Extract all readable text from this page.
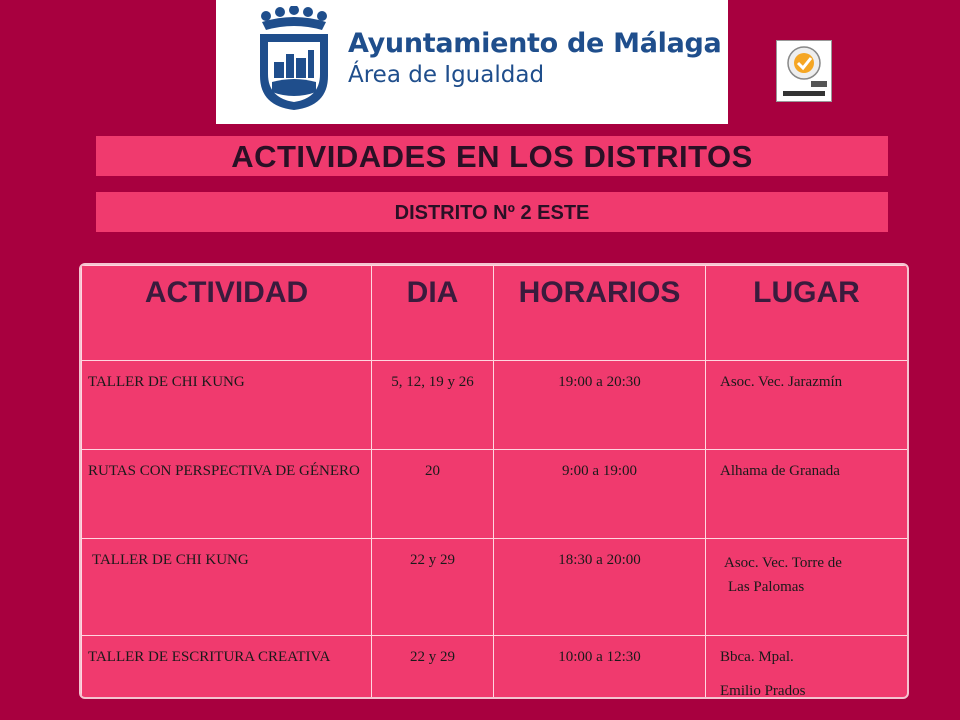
Ayuntamiento de Málaga
Área de Igualdad
ACTIVIDADES EN LOS DISTRITOS
DISTRITO Nº 2 ESTE
ACTIVIDAD	DIA	HORARIOS	LUGAR
TALLER DE CHI KUNG	5, 12, 19 y 26	19:00 a 20:30	Asoc. Vec. Jarazmín
RUTAS CON PERSPECTIVA DE GÉNERO	20	9:00 a 19:00	Alhama de Granada
TALLER DE CHI KUNG	22 y 29	18:30 a 20:00	Asoc. Vec. Torre de
Las Palomas

TALLER DE ESCRITURA CREATIVA	22 y 29	10:00 a 12:30	Bbca. Mpal.
Emilio Prados
